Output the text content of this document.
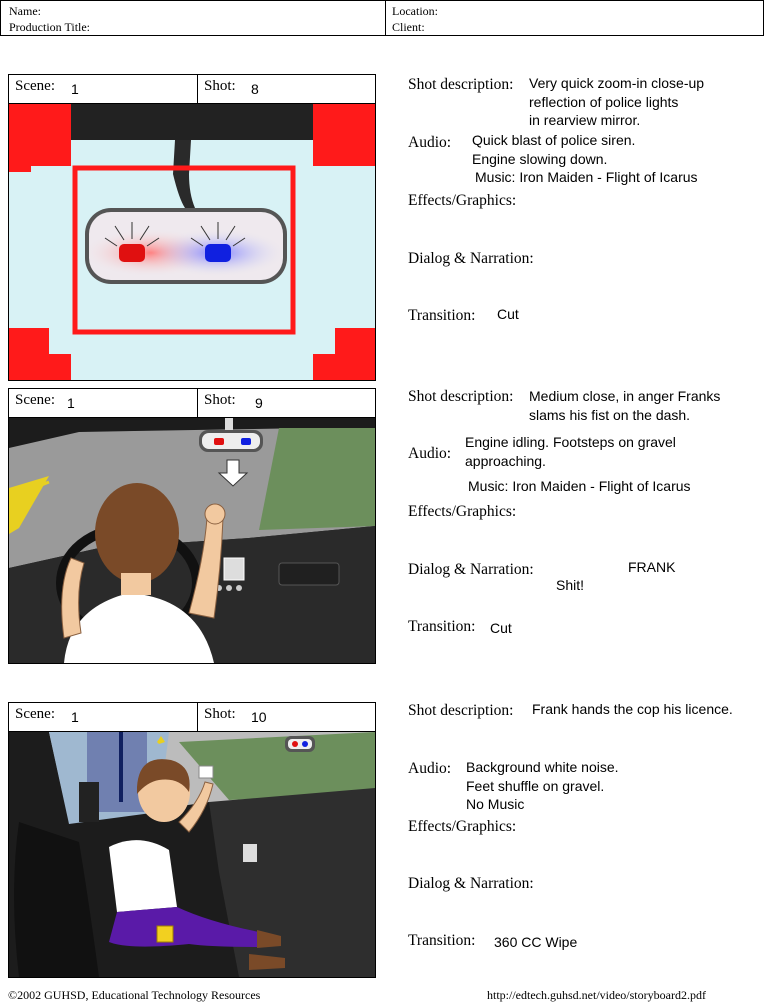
Name:
Production Title:
Location:
Client:
Scene: 1	Shot: 8	Shot description: Very quick zoom-in close-up
reflection of police lights
in rearview mirror.
Audio: Quick blast of police siren.
Engine slowing down.
Music: Iron Maiden - Flight of Icarus
Effects/Graphics:
Dialog & Narration:
Transition: Cut
Scene: 1	Shot: 9	Shot description: Medium close, in anger Franks
slams his fist on the dash.
Audio:
Engine idling. Footsteps on gravel
approaching.
Music: Iron Maiden - Flight of Icarus
Effects/Graphics:
Dialog & Narration:	FRANK
Shit!
Transition: Cut
Scene: 1	Shot: 10	Shot description: Frank hands the cop his licence.
Audio: Background white noise.
Feet shuffle on gravel.
No Music
Effects/Graphics:
Dialog & Narration:
Transition: 360 CC Wipe
©2002 GUHSD, Educational Technology Resources	http://edtech.guhsd.net/video/storyboard2.pdf
